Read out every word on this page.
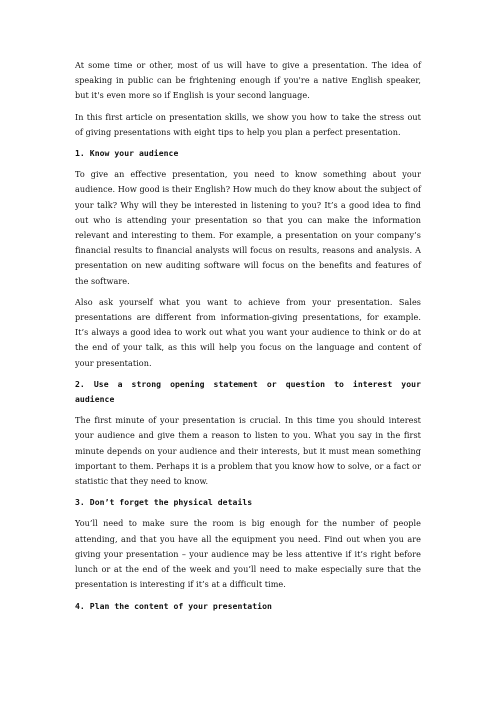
At some time or other, most of us will have to give a presentation. The idea of speaking in public can be frightening enough if you're a native English speaker, but it's even more so if English is your second language.

In this first article on presentation skills, we show you how to take the stress out of giving presentations with eight tips to help you plan a perfect presentation.

1. Know your audience

To give an effective presentation, you need to know something about your audience. How good is their English? How much do they know about the subject of your talk? Why will they be interested in listening to you? It’s a good idea to find out who is attending your presentation so that you can make the information relevant and interesting to them. For example, a presentation on your company’s financial results to financial analysts will focus on results, reasons and analysis. A presentation on new auditing software will focus on the benefits and features of the software.

Also ask yourself what you want to achieve from your presentation. Sales presentations are different from information-giving presentations, for example. It’s always a good idea to work out what you want your audience to think or do at the end of your talk, as this will help you focus on the language and content of your presentation.

2. Use a strong opening statement or question to interest your audience

The first minute of your presentation is crucial. In this time you should interest your audience and give them a reason to listen to you. What you say in the first minute depends on your audience and their interests, but it must mean something important to them. Perhaps it is a problem that you know how to solve, or a fact or statistic that they need to know.

3. Don’t forget the physical details

You’ll need to make sure the room is big enough for the number of people attending, and that you have all the equipment you need. Find out when you are giving your presentation – your audience may be less attentive if it’s right before lunch or at the end of the week and you’ll need to make especially sure that the presentation is interesting if it’s at a difficult time.

4. Plan the content of your presentation
